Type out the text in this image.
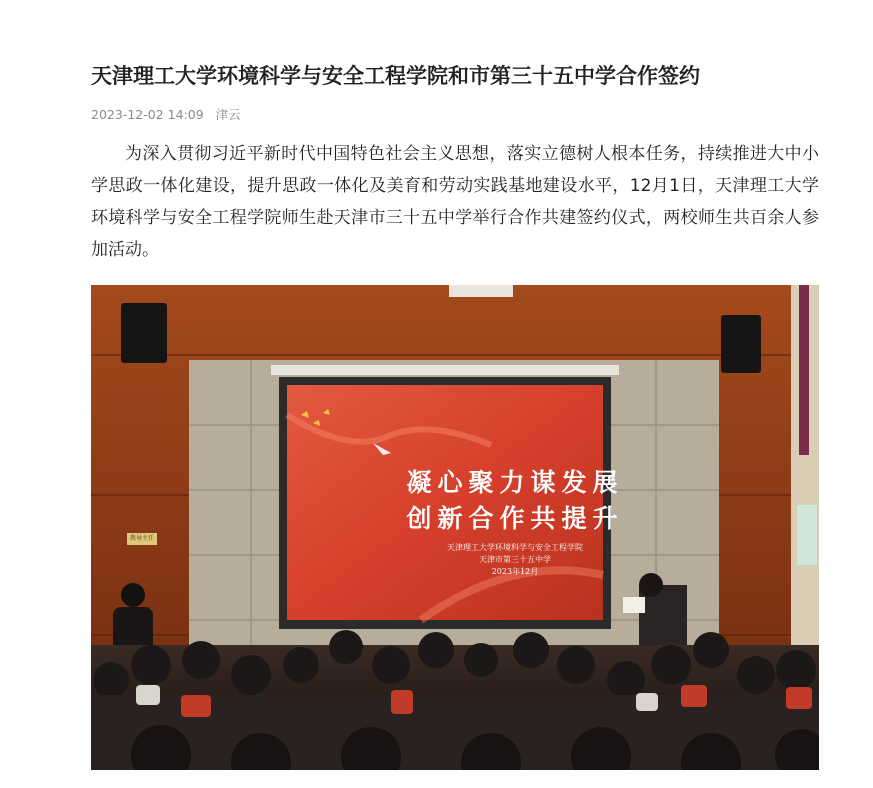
天津理工大学环境科学与安全工程学院和市第三十五中学合作签约
2023-12-02 14:09 津云

为深入贯彻习近平新时代中国特色社会主义思想，落实立德树人根本任务，持续推进大中小学思政一体化建设，提升思政一体化及美育和劳动实践基地建设水平，12月1日，天津理工大学环境科学与安全工程学院师生赴天津市三十五中学举行合作共建签约仪式，两校师生共百余人参加活动。

凝心聚力谋发展
创新合作共提升
天津理工大学环境科学与安全工程学院
天津市第三十五中学
2023年12月
教导主任
